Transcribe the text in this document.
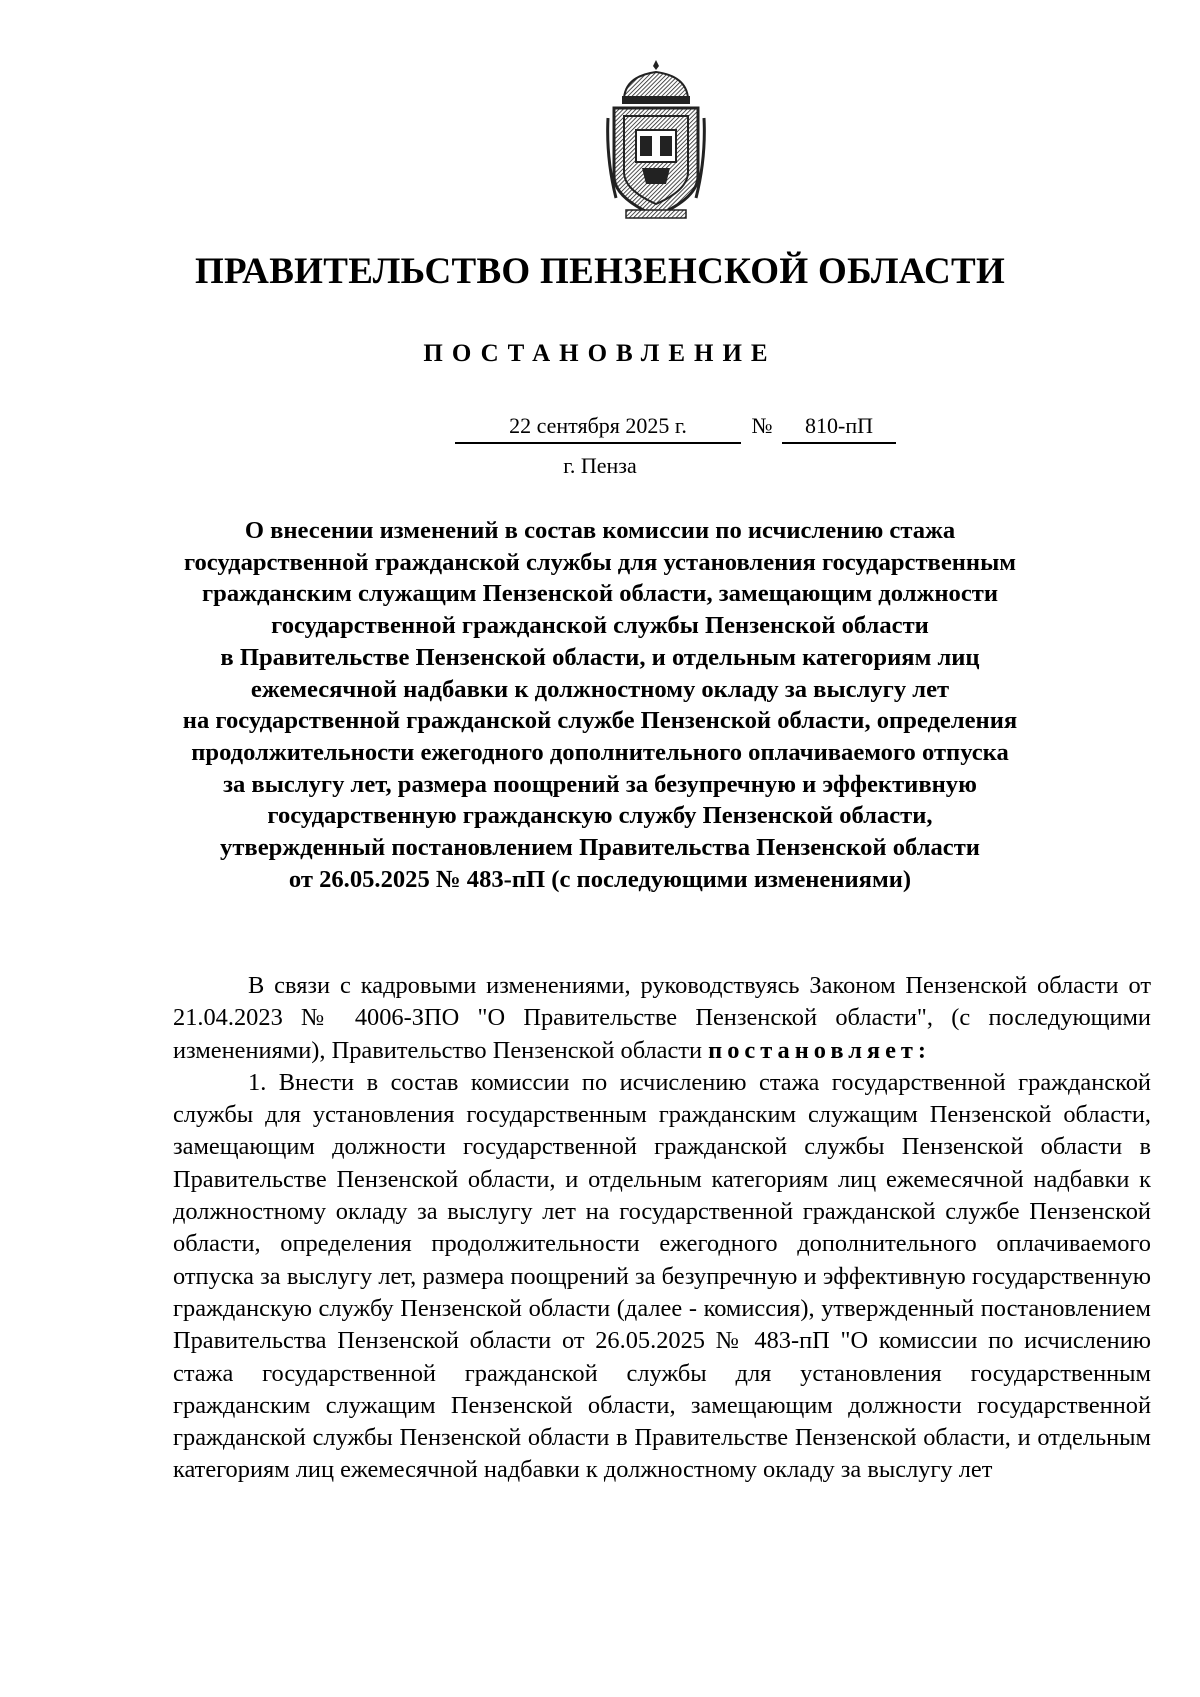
ПРАВИТЕЛЬСТВО ПЕНЗЕНСКОЙ ОБЛАСТИ
ПОСТАНОВЛЕНИЕ
22 сентября 2025 г.	№	810-пП
г. Пенза
О внесении изменений в состав комиссии по исчислению стажа
государственной гражданской службы для установления государственным
гражданским служащим Пензенской области, замещающим должности
государственной гражданской службы Пензенской области
в Правительстве Пензенской области, и отдельным категориям лиц
ежемесячной надбавки к должностному окладу за выслугу лет
на государственной гражданской службе Пензенской области, определения
продолжительности ежегодного дополнительного оплачиваемого отпуска
за выслугу лет, размера поощрений за безупречную и эффективную
государственную гражданскую службу Пензенской области,
утвержденный постановлением Правительства Пензенской области
от 26.05.2025 № 483-пП (с последующими изменениями)

В связи с кадровыми изменениями, руководствуясь Законом Пензенской области от 21.04.2023 № 4006-ЗПО "О Правительстве Пензенской области", (с последующими изменениями), Правительство Пензенской области постановляет:

1. Внести в состав комиссии по исчислению стажа государственной гражданской службы для установления государственным гражданским служащим Пензенской области, замещающим должности государственной гражданской службы Пензенской области в Правительстве Пензенской области, и отдельным категориям лиц ежемесячной надбавки к должностному окладу за выслугу лет на государственной гражданской службе Пензенской области, определения продолжительности ежегодного дополнительного оплачиваемого отпуска за выслугу лет, размера поощрений за безупречную и эффективную государственную гражданскую службу Пензенской области (далее - комиссия), утвержденный постановлением Правительства Пензенской области от 26.05.2025 № 483-пП "О комиссии по исчислению стажа государственной гражданской службы для установления государственным гражданским служащим Пензенской области, замещающим должности государственной гражданской службы Пензенской области в Правительстве Пензенской области, и отдельным категориям лиц ежемесячной надбавки к должностному окладу за выслугу лет
